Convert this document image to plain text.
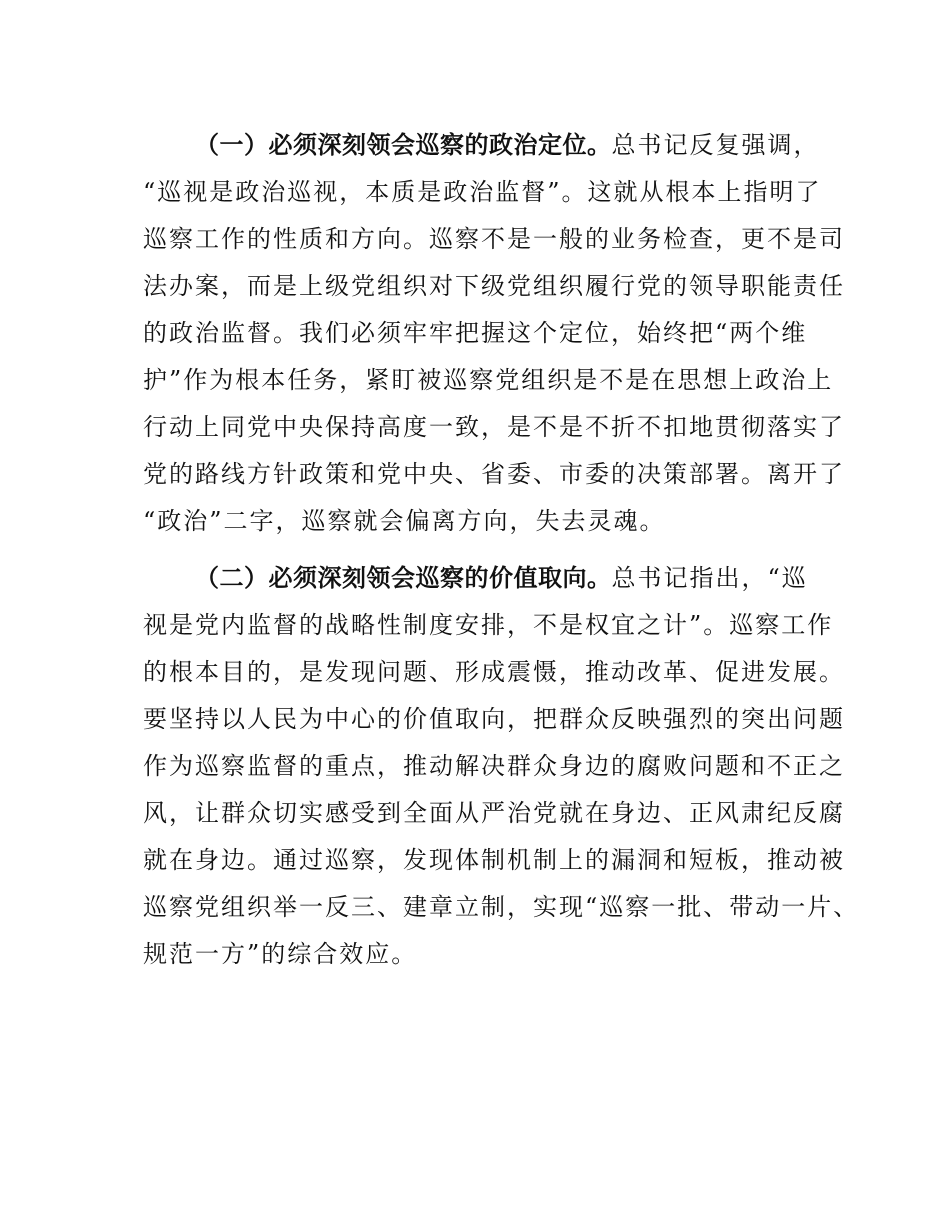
（一）必须深刻领会巡察的政治定位。总书记反复强调，
“巡视是政治巡视，本质是政治监督”。这就从根本上指明了
巡察工作的性质和方向。巡察不是一般的业务检查，更不是司
法办案，而是上级党组织对下级党组织履行党的领导职能责任
的政治监督。我们必须牢牢把握这个定位，始终把“两个维
护”作为根本任务，紧盯被巡察党组织是不是在思想上政治上
行动上同党中央保持高度一致，是不是不折不扣地贯彻落实了
党的路线方针政策和党中央、省委、市委的决策部署。离开了
“政治”二字，巡察就会偏离方向，失去灵魂。
（二）必须深刻领会巡察的价值取向。总书记指出，“巡
视是党内监督的战略性制度安排，不是权宜之计”。巡察工作
的根本目的，是发现问题、形成震慑，推动改革、促进发展。
要坚持以人民为中心的价值取向，把群众反映强烈的突出问题
作为巡察监督的重点，推动解决群众身边的腐败问题和不正之
风，让群众切实感受到全面从严治党就在身边、正风肃纪反腐
就在身边。通过巡察，发现体制机制上的漏洞和短板，推动被
巡察党组织举一反三、建章立制，实现“巡察一批、带动一片、
规范一方”的综合效应。
